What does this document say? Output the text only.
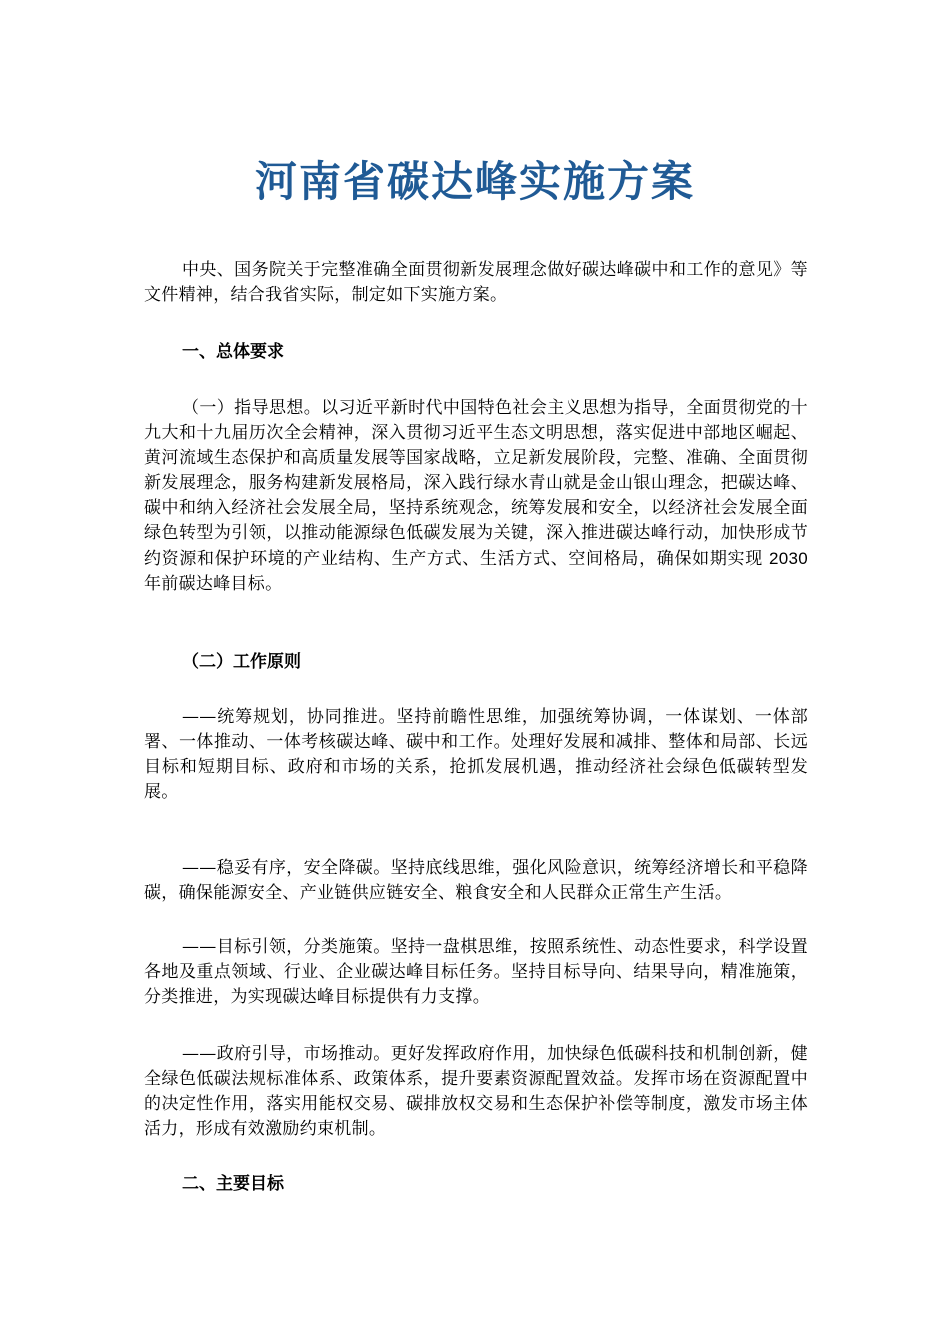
河南省碳达峰实施方案

中央、国务院关于完整准确全面贯彻新发展理念做好碳达峰碳中和工作的意见》等文件精神，结合我省实际，制定如下实施方案。

一、总体要求

（一）指导思想。以习近平新时代中国特色社会主义思想为指导，全面贯彻党的十九大和十九届历次全会精神，深入贯彻习近平生态文明思想，落实促进中部地区崛起、黄河流域生态保护和高质量发展等国家战略，立足新发展阶段，完整、准确、全面贯彻新发展理念，服务构建新发展格局，深入践行绿水青山就是金山银山理念，把碳达峰、碳中和纳入经济社会发展全局，坚持系统观念，统筹发展和安全，以经济社会发展全面绿色转型为引领，以推动能源绿色低碳发展为关键，深入推进碳达峰行动，加快形成节约资源和保护环境的产业结构、生产方式、生活方式、空间格局，确保如期实现 2030 年前碳达峰目标。

（二）工作原则

——统筹规划，协同推进。坚持前瞻性思维，加强统筹协调，一体谋划、一体部署、一体推动、一体考核碳达峰、碳中和工作。处理好发展和减排、整体和局部、长远目标和短期目标、政府和市场的关系，抢抓发展机遇，推动经济社会绿色低碳转型发展。

——稳妥有序，安全降碳。坚持底线思维，强化风险意识，统筹经济增长和平稳降碳，确保能源安全、产业链供应链安全、粮食安全和人民群众正常生产生活。

——目标引领，分类施策。坚持一盘棋思维，按照系统性、动态性要求，科学设置各地及重点领域、行业、企业碳达峰目标任务。坚持目标导向、结果导向，精准施策，分类推进，为实现碳达峰目标提供有力支撑。

——政府引导，市场推动。更好发挥政府作用，加快绿色低碳科技和机制创新，健全绿色低碳法规标准体系、政策体系，提升要素资源配置效益。发挥市场在资源配置中的决定性作用，落实用能权交易、碳排放权交易和生态保护补偿等制度，激发市场主体活力，形成有效激励约束机制。

二、主要目标
